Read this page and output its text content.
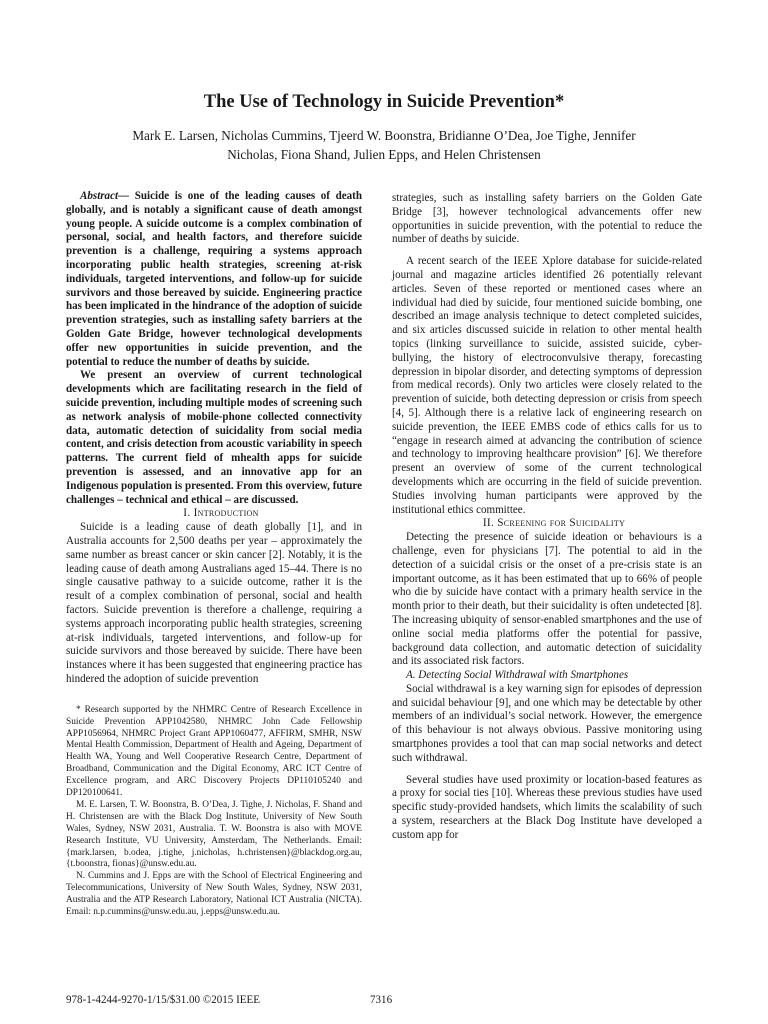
The Use of Technology in Suicide Prevention*
Mark E. Larsen, Nicholas Cummins, Tjeerd W. Boonstra, Bridianne O’Dea, Joe Tighe, Jennifer
Nicholas, Fiona Shand, Julien Epps, and Helen Christensen

Abstract— Suicide is one of the leading causes of death globally, and is notably a significant cause of death amongst young people. A suicide outcome is a complex combination of personal, social, and health factors, and therefore suicide prevention is a challenge, requiring a systems approach incorporating public health strategies, screening at-risk individuals, targeted interventions, and follow-up for suicide survivors and those bereaved by suicide. Engineering practice has been implicated in the hindrance of the adoption of suicide prevention strategies, such as installing safety barriers at the Golden Gate Bridge, however technological developments offer new opportunities in suicide prevention, and the potential to reduce the number of deaths by suicide.

We present an overview of current technological developments which are facilitating research in the field of suicide prevention, including multiple modes of screening such as network analysis of mobile-phone collected connectivity data, automatic detection of suicidality from social media content, and crisis detection from acoustic variability in speech patterns. The current field of mhealth apps for suicide prevention is assessed, and an innovative app for an Indigenous population is presented. From this overview, future challenges – technical and ethical – are discussed.

I. Introduction

Suicide is a leading cause of death globally [1], and in Australia accounts for 2,500 deaths per year – approximately the same number as breast cancer or skin cancer [2]. Notably, it is the leading cause of death among Australians aged 15–44. There is no single causative pathway to a suicide outcome, rather it is the result of a complex combination of personal, social and health factors. Suicide prevention is therefore a challenge, requiring a systems approach incorporating public health strategies, screening at-risk individuals, targeted interventions, and follow-up for suicide survivors and those bereaved by suicide. There have been instances where it has been suggested that engineering practice has hindered the adoption of suicide prevention

* Research supported by the NHMRC Centre of Research Excellence in Suicide Prevention APP1042580, NHMRC John Cade Fellowship APP1056964, NHMRC Project Grant APP1060477, AFFIRM, SMHR, NSW Mental Health Commission, Department of Health and Ageing, Department of Health WA, Young and Well Cooperative Research Centre, Department of Broadband, Communication and the Digital Economy, ARC ICT Centre of Excellence program, and ARC Discovery Projects DP110105240 and DP120100641.

M. E. Larsen, T. W. Boonstra, B. O’Dea, J. Tighe, J. Nicholas, F. Shand and H. Christensen are with the Black Dog Institute, University of New South Wales, Sydney, NSW 2031, Australia. T. W. Boonstra is also with MOVE Research Institute, VU University, Amsterdam, The Netherlands. Email: {mark.larsen, b.odea, j.tighe, j.nicholas, h.christensen}@blackdog.org.au, {t.boonstra, fionas}@unsw.edu.au.

N. Cummins and J. Epps are with the School of Electrical Engineering and Telecommunications, University of New South Wales, Sydney, NSW 2031, Australia and the ATP Research Laboratory, National ICT Australia (NICTA). Email: n.p.cummins@unsw.edu.au, j.epps@unsw.edu.au.

strategies, such as installing safety barriers on the Golden Gate Bridge [3], however technological advancements offer new opportunities in suicide prevention, with the potential to reduce the number of deaths by suicide.

A recent search of the IEEE Xplore database for suicide-related journal and magazine articles identified 26 potentially relevant articles. Seven of these reported or mentioned cases where an individual had died by suicide, four mentioned suicide bombing, one described an image analysis technique to detect completed suicides, and six articles discussed suicide in relation to other mental health topics (linking surveillance to suicide, assisted suicide, cyber-bullying, the history of electroconvulsive therapy, forecasting depression in bipolar disorder, and detecting symptoms of depression from medical records). Only two articles were closely related to the prevention of suicide, both detecting depression or crisis from speech [4, 5]. Although there is a relative lack of engineering research on suicide prevention, the IEEE EMBS code of ethics calls for us to “engage in research aimed at advancing the contribution of science and technology to improving healthcare provision” [6]. We therefore present an overview of some of the current technological developments which are occurring in the field of suicide prevention. Studies involving human participants were approved by the institutional ethics committee.

II. Screening for Suicidality

Detecting the presence of suicide ideation or behaviours is a challenge, even for physicians [7]. The potential to aid in the detection of a suicidal crisis or the onset of a pre-crisis state is an important outcome, as it has been estimated that up to 66% of people who die by suicide have contact with a primary health service in the month prior to their death, but their suicidality is often undetected [8]. The increasing ubiquity of sensor-enabled smartphones and the use of online social media platforms offer the potential for passive, background data collection, and automatic detection of suicidality and its associated risk factors.

A. Detecting Social Withdrawal with Smartphones

Social withdrawal is a key warning sign for episodes of depression and suicidal behaviour [9], and one which may be detectable by other members of an individual’s social network. However, the emergence of this behaviour is not always obvious. Passive monitoring using smartphones provides a tool that can map social networks and detect such withdrawal.

Several studies have used proximity or location-based features as a proxy for social ties [10]. Whereas these previous studies have used specific study-provided handsets, which limits the scalability of such a system, researchers at the Black Dog Institute have developed a custom app for

978-1-4244-9270-1/15/$31.00 ©2015 IEEE	7316
